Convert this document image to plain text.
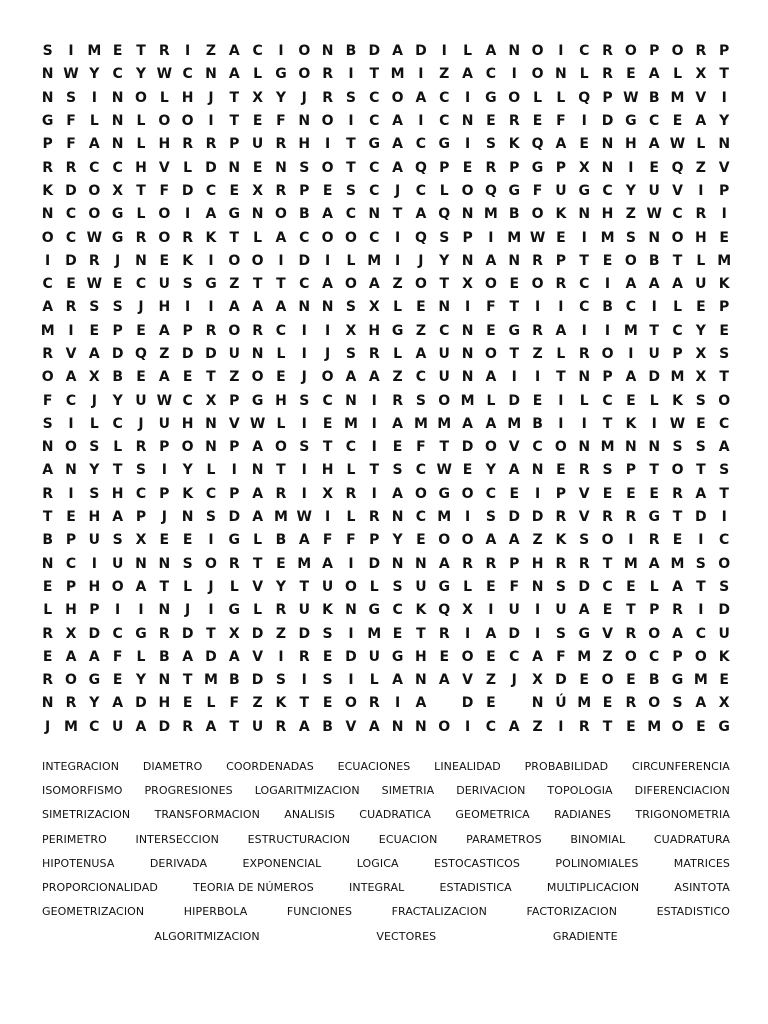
S	I M E T R	I	Z A C	I	O N B D A D	I	L A N O	I	C R O P O R P
N W Y C Y W C N A L G O R	I	T M I	Z A C	I	O N L R E A L X T
N S	I	N O L H	J	T X Y	J	R S C O A C	I	G O L	L Q P W B M V	I
G F	L N L O O	I	T E F N O	I	C A	I	C N E R E F	I	D G C E A Y
P F A N L H R R P U R H	I	T G A C G	I	S K Q A E N H A W L N
R R C C H V L D N E N S O T C A Q P E R P G P X N	I	E Q Z V
K D O X T F D C E X R P E S C	J	C L O Q G F U G C Y U V	I	P
N C O G L O	I	A G N O B A C N T A Q N M B O K N H Z W C R	I
O C W G R O R K T	L A C O O C	I	Q S P	I M W E	I M S N O H E
I	D R	J	N E K	I	O O	I	D	I	L M I	J	Y N A N R P T E O B T	L M
C E W E C U S G Z T T C A O A Z O T X O E O R C	I	A A A U K
A R S S	J	H	I	I	A A A N N S X L	E N	I	F T	I	I	C B C	I	L	E P
M I	E P E A P R O R C	I	I	X H G Z C N E G R A	I	I M T C Y E
R V A D Q Z D D U N L	I	J	S R L A U N O T Z L R O	I	U P X S
O A X B E A E T Z O E	J	O A A Z C U N A	I	I	T N P A D M X T
F C	J	Y U W C X P G H S C N	I	R S O M L D E	I	L C E	L K S O
S	I	L C	J	U H N V W L	I	E M I	A M M A A M B	I	I	T K	I W E C
N O S L R P O N P A O S T C	I	E F T D O V C O N M N N S S A
A N Y T S	I	Y L	I	N T	I	H L	T S C W E Y A N E R S P T O T S
R	I	S H C P K C P A R	I	X R	I	A O G O C E	I	P V E E E R A T
T E H A P	J	N S D A M W I	L R N C M I	S D D R V R R G T D	I
B P U S X E E	I	G L B A F F P Y E O O A A Z K S O	I	R E	I	C
N C	I	U N N S O R T E M A	I	D N N A R R P H R R T M A M S O
E P H O A T	L	J	L V Y T U O L S U G L	E F N S D C E	L A T S
L H P	I	I	N	J	I	G L R U K N G C K Q X	I	U	I	U A E T P R	I	D
R X D C G R D T X D Z D S	I M E T R	I	A D	I	S G V R O A C U
E A A F	L B A D A V	I	R E D U G H E O E C A F M Z O C P O K
R O G E Y N T M B D S	I	S	I	L A N A V Z	J	X D E O E B G M E
N R Y A D H E	L	F Z K T E O R	I	A	D E	N Ú M E R O S A X
J M C U A D R A T U R A B V A N N O	I	C A Z	I	R T E M O E G
INTEGRACION DIAMETRO COORDENADAS ECUACIONES LINEALIDAD PROBABILIDAD CIRCUNFERENCIA
ISOMORFISMO PROGRESIONES LOGARITMIZACION SIMETRIA DERIVACION TOPOLOGIA DIFERENCIACION
SIMETRIZACION TRANSFORMACION ANALISIS CUADRATICA GEOMETRICA RADIANES TRIGONOMETRIA
PERIMETRO	INTERSECCION	ESTRUCTURACION	ECUACION	PARAMETROS	BINOMIAL	CUADRATURA
HIPOTENUSA	DERIVADA	EXPONENCIAL	LOGICA	ESTOCASTICOS	POLINOMIALES	MATRICES
PROPORCIONALIDAD	TEORIA DE NÚMEROS	INTEGRAL	ESTADISTICA	MULTIPLICACION	ASINTOTA
GEOMETRIZACION	HIPERBOLA	FUNCIONES	FRACTALIZACION	FACTORIZACION	ESTADISTICO
ALGORITMIZACION	VECTORES	GRADIENTE
